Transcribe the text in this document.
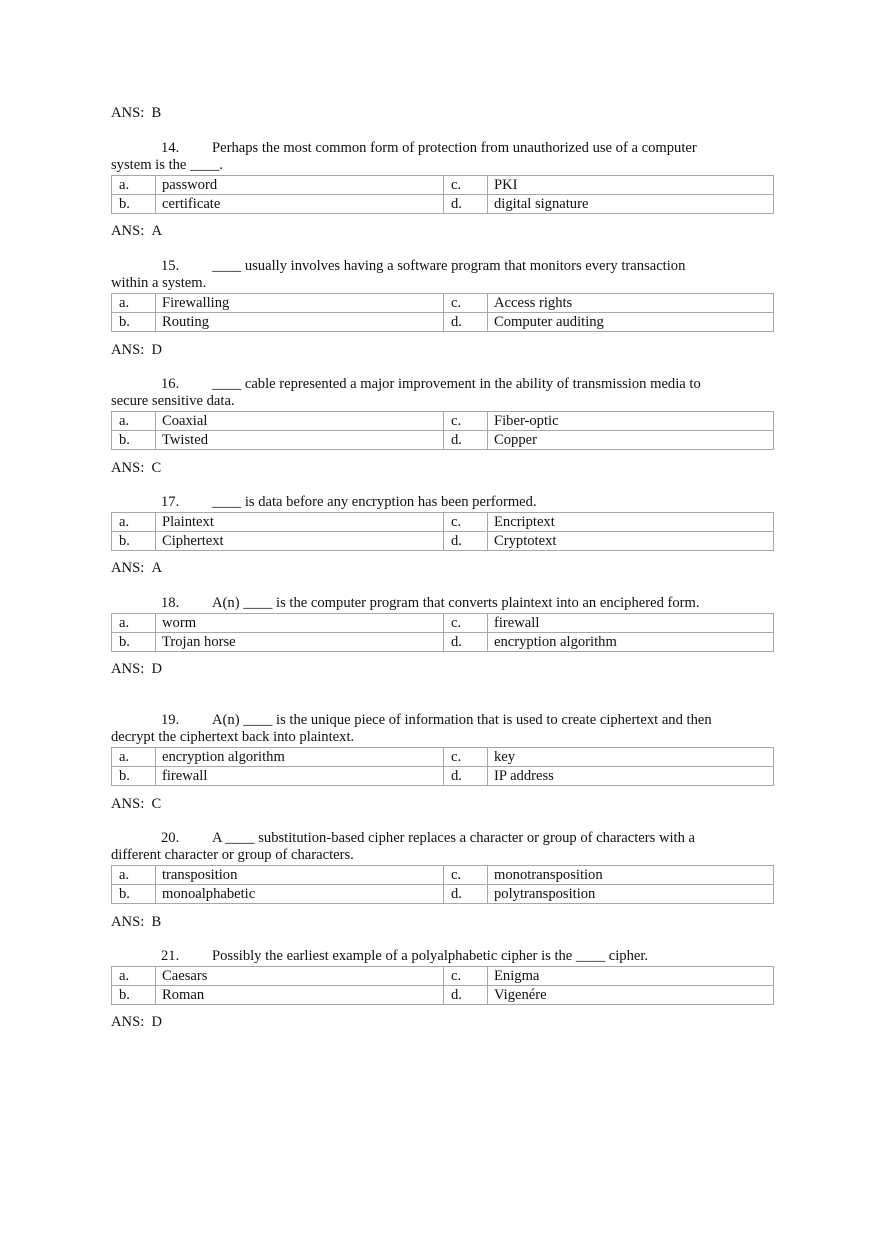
ANS: B

14. Perhaps the most common form of protection from unauthorized use of a computer
system is the ____.
a.	password	c.	PKI
b.	certificate	d.	digital signature

ANS: A

15. ____ usually involves having a software program that monitors every transaction
within a system.
a.	Firewalling	c.	Access rights
b.	Routing	d.	Computer auditing

ANS: D

16. ____ cable represented a major improvement in the ability of transmission media to
secure sensitive data.
a.	Coaxial	c.	Fiber-optic
b.	Twisted	d.	Copper

ANS: C

17. ____ is data before any encryption has been performed.
a.	Plaintext	c.	Encriptext
b.	Ciphertext	d.	Cryptotext

ANS: A

18. A(n) ____ is the computer program that converts plaintext into an enciphered form.
a.	worm	c.	firewall
b.	Trojan horse	d.	encryption algorithm

ANS: D

19. A(n) ____ is the unique piece of information that is used to create ciphertext and then
decrypt the ciphertext back into plaintext.
a.	encryption algorithm	c.	key
b.	firewall	d.	IP address

ANS: C

20. A ____ substitution-based cipher replaces a character or group of characters with a
different character or group of characters.
a.	transposition	c.	monotransposition
b.	monoalphabetic	d.	polytransposition

ANS: B

21. Possibly the earliest example of a polyalphabetic cipher is the ____ cipher.
a.	Caesars	c.	Enigma
b.	Roman	d.	Vigenére

ANS: D
